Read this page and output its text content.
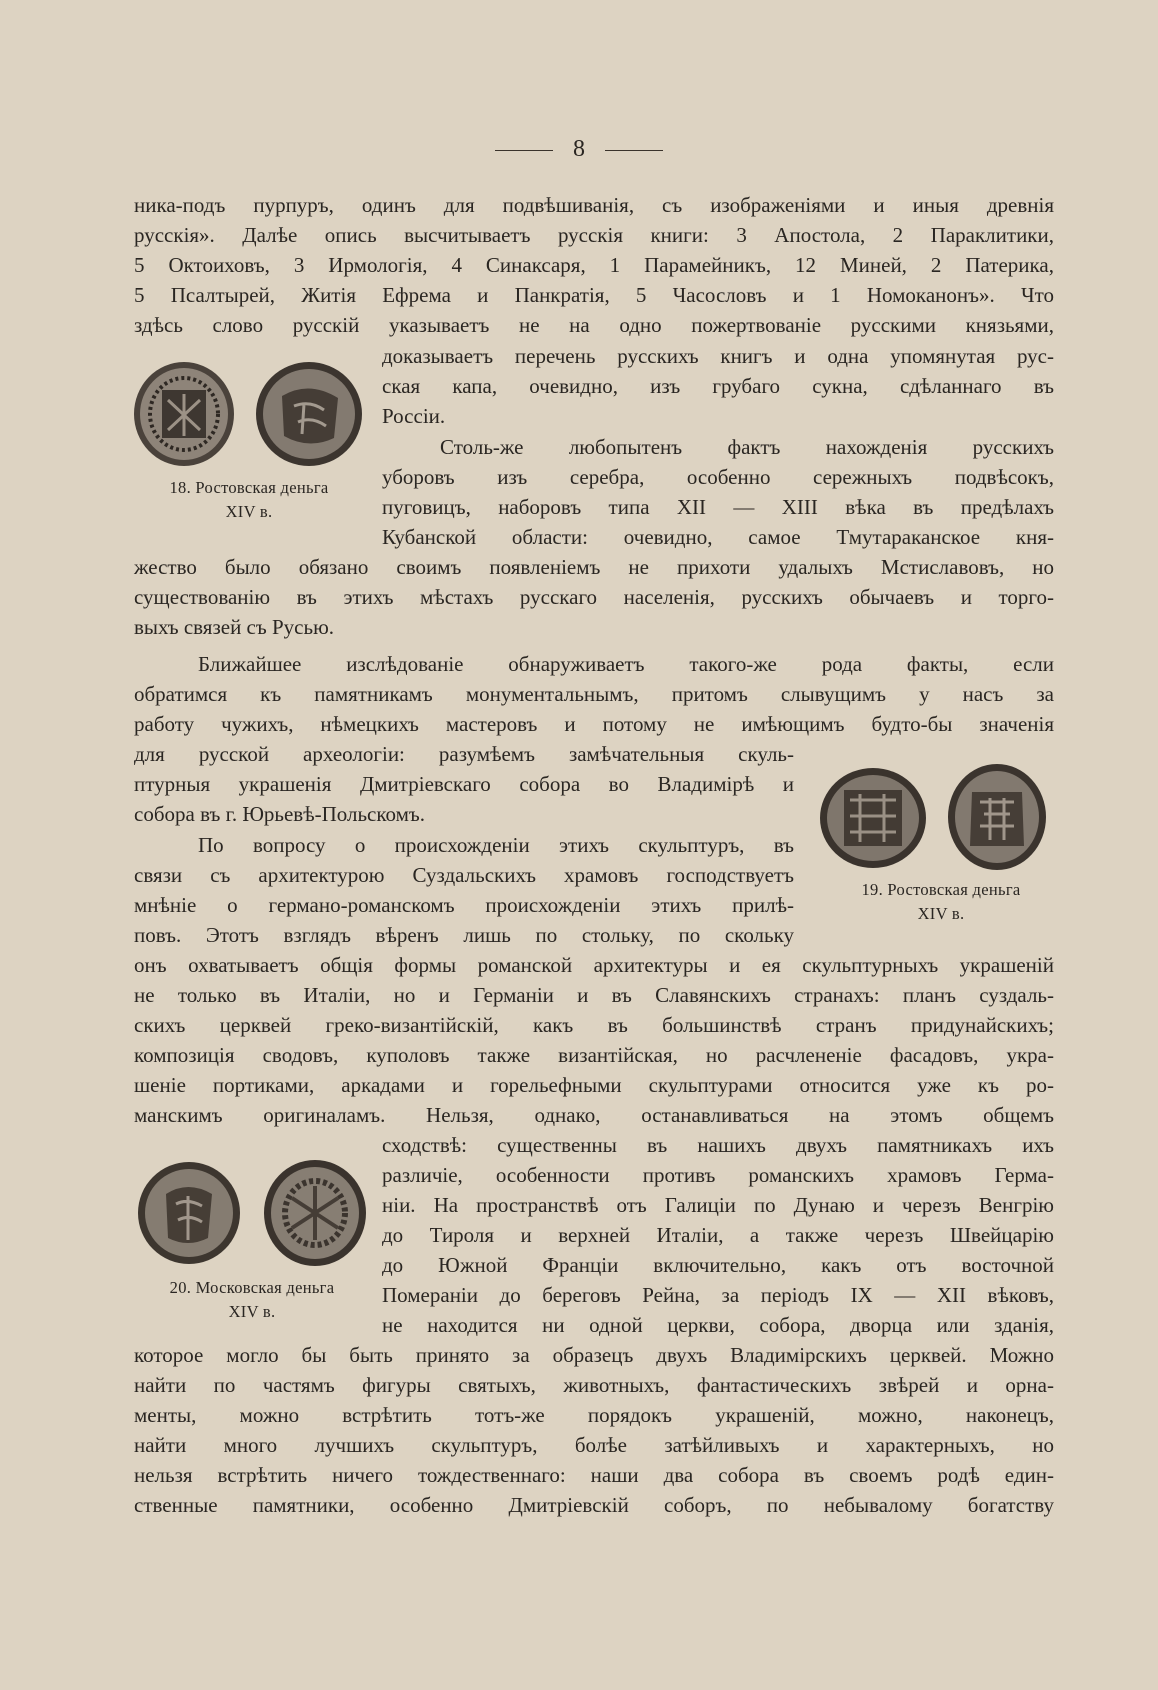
8
18. Ростовская деньга
XIV в.
19. Ростовская деньга
XIV в.
20. Московская деньга
XIV в.
ника-подъ пурпуръ, одинъ для подвѣшиванія, съ изображеніями и иныя древнія
русскія». Далѣе опись высчитываетъ русскія книги: 3 Апостола, 2 Параклитики,
5 Октоиховъ, 3 Ирмологія, 4 Синаксаря, 1 Парамейникъ, 12 Миней, 2 Патерика,
5 Псалтырей, Житія Ефрема и Панкратія, 5 Часословъ и 1 Номоканонъ». Что
здѣсь слово русскій указываетъ не на одно пожертвованіе русскими князьями,
доказываетъ перечень русскихъ книгъ и одна упомянутая рус-
ская капа, очевидно, изъ грубаго сукна, сдѣланнаго въ
Россіи.
Столь-же любопытенъ фактъ нахожденія русскихъ
уборовъ изъ серебра, особенно сережныхъ подвѣсокъ,
пуговицъ, наборовъ типа XII — XIII вѣка въ предѣлахъ
Кубанской области: очевидно, самое Тмутараканское кня-
жество было обязано своимъ появленіемъ не прихоти удалыхъ Мстиславовъ, но
существованію въ этихъ мѣстахъ русскаго населенія, русскихъ обычаевъ и торго-
выхъ связей съ Русью.
Ближайшее изслѣдованіе обнаруживаетъ такого-же рода факты, если
обратимся къ памятникамъ монументальнымъ, притомъ слывущимъ у насъ за
работу чужихъ, нѣмецкихъ мастеровъ и потому не имѣющимъ будто-бы значенія
для русской археологіи: разумѣемъ замѣчательныя скуль-
птурныя украшенія Дмитріевскаго собора во Владимірѣ и
собора въ г. Юрьевѣ-Польскомъ.
По вопросу о происхожденіи этихъ скульптуръ, въ
связи съ архитектурою Суздальскихъ храмовъ господствуетъ
мнѣніе о германо-романскомъ происхожденіи этихъ прилѣ-
повъ. Этотъ взглядъ вѣренъ лишь по стольку, по скольку
онъ охватываетъ общія формы романской архитектуры и ея скульптурныхъ украшеній
не только въ Италіи, но и Германіи и въ Славянскихъ странахъ: планъ суздаль-
скихъ церквей греко-византійскій, какъ въ большинствѣ странъ придунайскихъ;
композиція сводовъ, куполовъ также византійская, но расчлененіе фасадовъ, укра-
шеніе портиками, аркадами и горельефными скульптурами относится уже къ ро-
манскимъ оригиналамъ. Нельзя, однако, останавливаться на этомъ общемъ
сходствѣ: существенны въ нашихъ двухъ памятникахъ ихъ
различіе, особенности противъ романскихъ храмовъ Герма-
ніи. На пространствѣ отъ Галиціи по Дунаю и черезъ Венгрію
до Тироля и верхней Италіи, а также черезъ Швейцарію
до Южной Франціи включительно, какъ отъ восточной
Помераніи до береговъ Рейна, за періодъ IX — XII вѣковъ,
не находится ни одной церкви, собора, дворца или зданія,
которое могло бы быть принято за образецъ двухъ Владимірскихъ церквей. Можно
найти по частямъ фигуры святыхъ, животныхъ, фантастическихъ звѣрей и орна-
менты, можно встрѣтить тотъ-же порядокъ украшеній, можно, наконецъ,
найти много лучшихъ скульптуръ, болѣе затѣйливыхъ и характерныхъ, но
нельзя встрѣтить ничего тождественнаго: наши два собора въ своемъ родѣ един-
ственные памятники, особенно Дмитріевскій соборъ, по небывалому богатству
